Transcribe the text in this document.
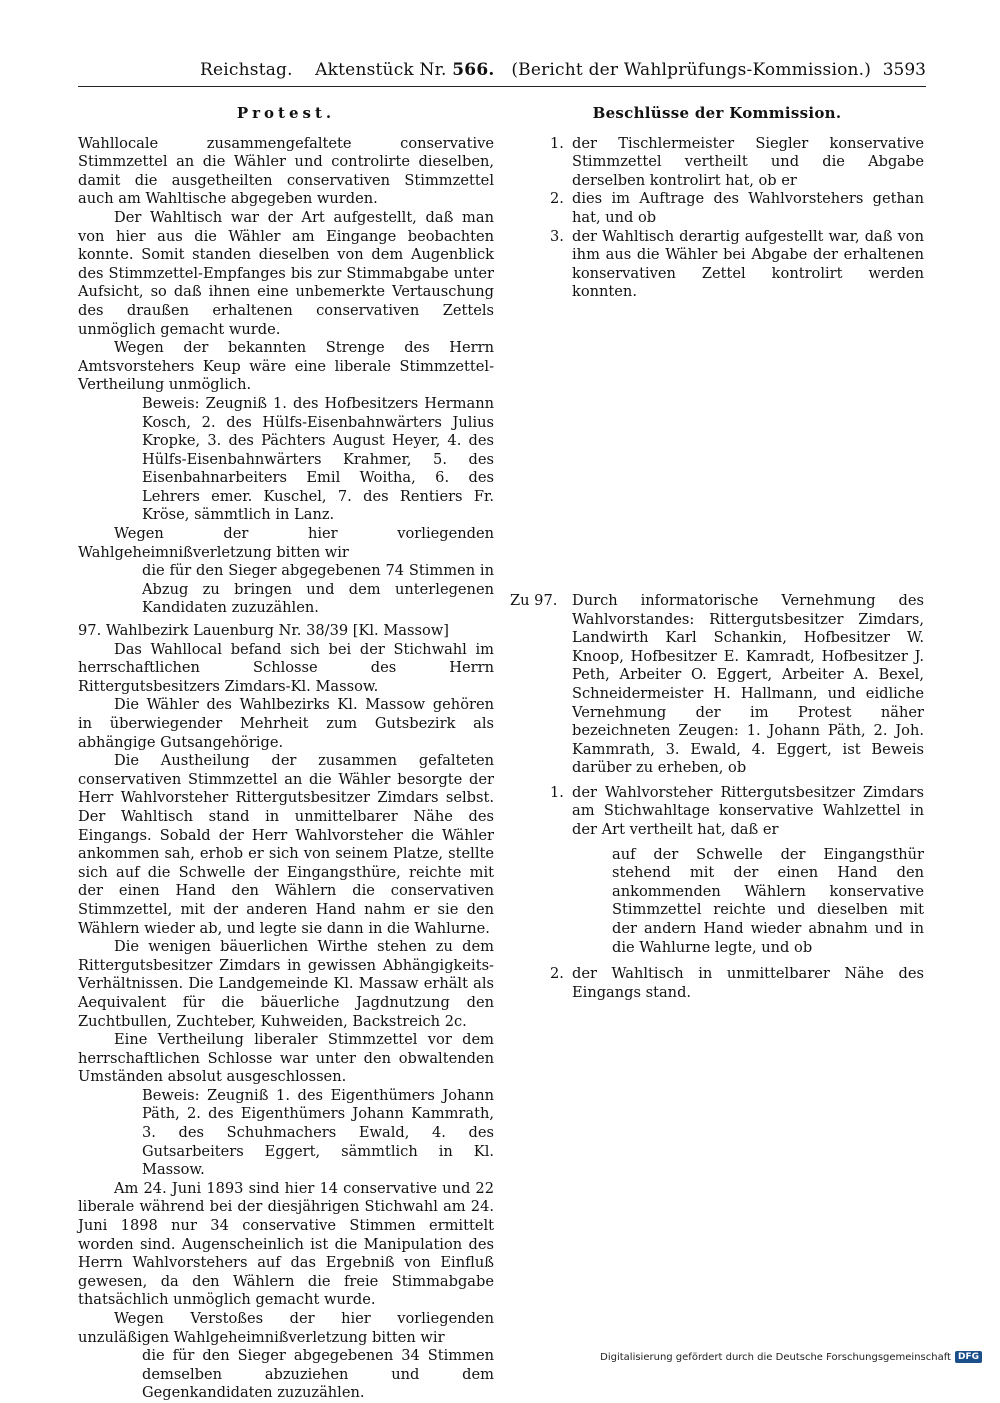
Reichstag. Aktenstück Nr. 566. (Bericht der Wahlprüfungs-Kommission.) 3593
Protest.

Wahllocale zusammengefaltete conservative Stimmzettel an die Wähler und controlirte dieselben, damit die ausgetheilten conservativen Stimmzettel auch am Wahltische abgegeben wurden.

Der Wahltisch war der Art aufgestellt, daß man von hier aus die Wähler am Eingange beobachten konnte. Somit standen dieselben von dem Augenblick des Stimmzettel-Empfanges bis zur Stimmabgabe unter Aufsicht, so daß ihnen eine unbemerkte Vertauschung des draußen erhaltenen conservativen Zettels unmöglich gemacht wurde.

Wegen der bekannten Strenge des Herrn Amtsvorstehers Keup wäre eine liberale Stimmzettel-Vertheilung unmöglich.

Beweis: Zeugniß 1. des Hofbesitzers Hermann Kosch, 2. des Hülfs-Eisenbahnwärters Julius Kropke, 3. des Pächters August Heyer, 4. des Hülfs-Eisenbahnwärters Krahmer, 5. des Eisenbahnarbeiters Emil Woitha, 6. des Lehrers emer. Kuschel, 7. des Rentiers Fr. Kröse, sämmtlich in Lanz.

Wegen der hier vorliegenden Wahlgeheimnißverletzung bitten wir

die für den Sieger abgegebenen 74 Stimmen in Abzug zu bringen und dem unterlegenen Kandidaten zuzuzählen.

97. Wahlbezirk Lauenburg Nr. 38/39 [Kl. Massow]

Das Wahllocal befand sich bei der Stichwahl im herrschaftlichen Schlosse des Herrn Rittergutsbesitzers Zimdars-Kl. Massow.

Die Wähler des Wahlbezirks Kl. Massow gehören in überwiegender Mehrheit zum Gutsbezirk als abhängige Gutsangehörige.

Die Austheilung der zusammen gefalteten conservativen Stimmzettel an die Wähler besorgte der Herr Wahlvorsteher Rittergutsbesitzer Zimdars selbst. Der Wahltisch stand in unmittelbarer Nähe des Eingangs. Sobald der Herr Wahlvorsteher die Wähler ankommen sah, erhob er sich von seinem Platze, stellte sich auf die Schwelle der Eingangsthüre, reichte mit der einen Hand den Wählern die conservativen Stimmzettel, mit der anderen Hand nahm er sie den Wählern wieder ab, und legte sie dann in die Wahlurne.

Die wenigen bäuerlichen Wirthe stehen zu dem Rittergutsbesitzer Zimdars in gewissen Abhängigkeits-Verhältnissen. Die Landgemeinde Kl. Massaw erhält als Aequivalent für die bäuerliche Jagdnutzung den Zuchtbullen, Zuchteber, Kuhweiden, Backstreich 2c.

Eine Vertheilung liberaler Stimmzettel vor dem herrschaftlichen Schlosse war unter den obwaltenden Umständen absolut ausgeschlossen.

Beweis: Zeugniß 1. des Eigenthümers Johann Päth, 2. des Eigenthümers Johann Kammrath, 3. des Schuhmachers Ewald, 4. des Gutsarbeiters Eggert, sämmtlich in Kl. Massow.

Am 24. Juni 1893 sind hier 14 conservative und 22 liberale während bei der diesjährigen Stichwahl am 24. Juni 1898 nur 34 conservative Stimmen ermittelt worden sind. Augenscheinlich ist die Manipulation des Herrn Wahlvorstehers auf das Ergebniß von Einfluß gewesen, da den Wählern die freie Stimmabgabe thatsächlich unmöglich gemacht wurde.

Wegen Verstoßes der hier vorliegenden unzuläßigen Wahlgeheimnißverletzung bitten wir

die für den Sieger abgegebenen 34 Stimmen demselben abzuziehen und dem Gegenkandidaten zuzuzählen.

Beschlüsse der Kommission.
1. der Tischlermeister Siegler konservative Stimmzettel vertheilt und die Abgabe derselben kontrolirt hat, ob er
2. dies im Auftrage des Wahlvorstehers gethan hat, und ob
3. der Wahltisch derartig aufgestellt war, daß von ihm aus die Wähler bei Abgabe der erhaltenen konservativen Zettel kontrolirt werden konnten.
Zu 97.	Durch informatorische Vernehmung des Wahlvorstandes: Rittergutsbesitzer Zimdars, Landwirth Karl Schankin, Hofbesitzer W. Knoop, Hofbesitzer E. Kamradt, Hofbesitzer J. Peth, Arbeiter O. Eggert, Arbeiter A. Bexel, Schneidermeister H. Hallmann, und eidliche Vernehmung der im Protest näher bezeichneten Zeugen: 1. Johann Päth, 2. Joh. Kammrath, 3. Ewald, 4. Eggert, ist Beweis darüber zu erheben, ob
1. der Wahlvorsteher Rittergutsbesitzer Zimdars am Stichwahltage konservative Wahlzettel in der Art vertheilt hat, daß er

auf der Schwelle der Eingangsthür stehend mit der einen Hand den ankommenden Wählern konservative Stimmzettel reichte und dieselben mit der andern Hand wieder abnahm und in die Wahlurne legte, und ob

2. der Wahltisch in unmittelbarer Nähe des Eingangs stand.
Digitalisierung gefördert durch die Deutsche Forschungsgemeinschaft DFG
